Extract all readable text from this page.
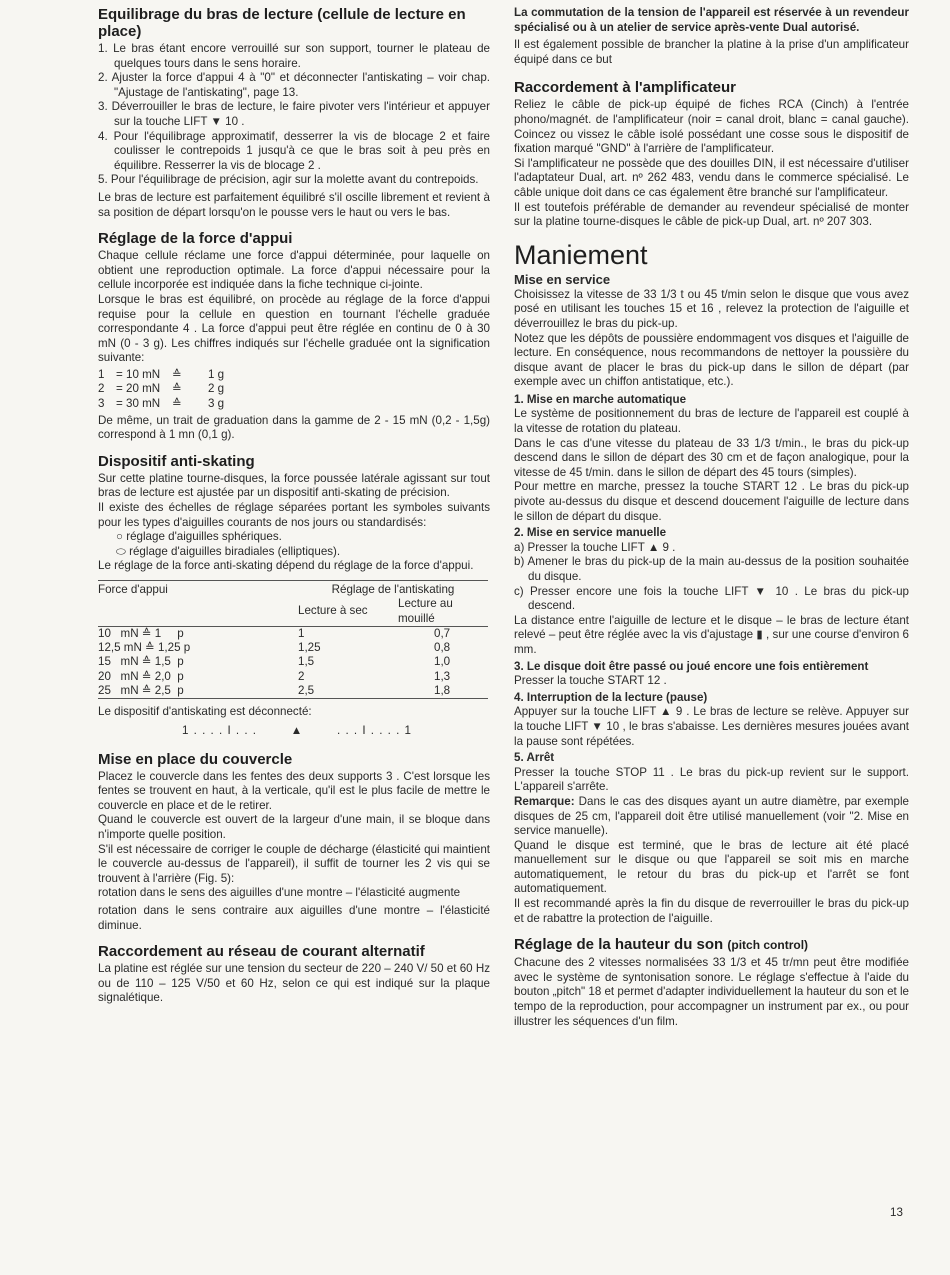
Equilibrage du bras de lecture (cellule de lecture en place)
1. Le bras étant encore verrouillé sur son support, tourner le plateau de quelques tours dans le sens horaire.
2. Ajuster la force d'appui 4 à "0" et déconnecter l'antiskating – voir chap. "Ajustage de l'antiskating", page 13.
3. Déverrouiller le bras de lecture, le faire pivoter vers l'intérieur et appuyer sur la touche LIFT ▼ 10 .
4. Pour l'équilibrage approximatif, desserrer la vis de blocage 2 et faire coulisser le contrepoids 1 jusqu'à ce que le bras soit à peu près en équilibre. Resserrer la vis de blocage 2 .
5. Pour l'équilibrage de précision, agir sur la molette avant du contrepoids.

Le bras de lecture est parfaitement équilibré s'il oscille librement et revient à sa position de départ lorsqu'on le pousse vers le haut ou vers le bas.

Réglage de la force d'appui

Chaque cellule réclame une force d'appui déterminée, pour laquelle on obtient une reproduction optimale. La force d'appui nécessaire pour la cellule incorporée est indiquée dans la fiche technique ci-jointe.

Lorsque le bras est équilibré, on procède au réglage de la force d'appui requise pour la cellule en question en tournant l'échelle graduée correspondante 4 . La force d'appui peut être réglée en continu de 0 à 30 mN (0 - 3 g). Les chiffres indiqués sur l'échelle graduée ont la signification suivante:

1 = 10 mN	≙	1 g
2 = 20 mN	≙	2 g
3 = 30 mN	≙	3 g

De même, un trait de graduation dans la gamme de 2 - 15 mN (0,2 - 1,5g) correspond à 1 mn (0,1 g).

Dispositif anti-skating

Sur cette platine tourne-disques, la force poussée latérale agissant sur tout bras de lecture est ajustée par un dispositif anti-skating de précision.

Il existe des échelles de réglage séparées portant les symboles suivants pour les types d'aiguilles courants de nos jours ou standardisés:

○ réglage d'aiguilles sphériques.
⬭ réglage d'aiguilles biradiales (elliptiques).

Le réglage de la force anti-skating dépend du réglage de la force d'appui.

Force d'appui	Réglage de l'antiskating	
	Lecture à sec	Lecture au mouillé
10   mN ≙ 1     p	1	0,7
12,5 mN ≙ 1,25 p	1,25	0,8
15   mN ≙ 1,5  p	1,5	1,0
20   mN ≙ 2,0  p	2	1,3
25   mN ≙ 2,5  p	2,5	1,8

Le dispositif d'antiskating est déconnecté:

1 . . . . I . . .        ▲        . . . I . . . . 1
Mise en place du couvercle

Placez le couvercle dans les fentes des deux supports 3 . C'est lorsque les fentes se trouvent en haut, à la verticale, qu'il est le plus facile de mettre le couvercle en place et de le retirer.

Quand le couvercle est ouvert de la largeur d'une main, il se bloque dans n'importe quelle position.

S'il est nécessaire de corriger le couple de décharge (élasticité qui maintient le couvercle au-dessus de l'appareil), il suffit de tourner les 2 vis qui se trouvent à l'arrière (Fig. 5):

rotation dans le sens des aiguilles d'une montre – l'élasticité augmente

rotation dans le sens contraire aux aiguilles d'une montre – l'élasticité diminue.

Raccordement au réseau de courant alternatif

La platine est réglée sur une tension du secteur de 220 – 240 V/ 50 et 60 Hz ou de 110 – 125 V/50 et 60 Hz, selon ce qui est indiqué sur la plaque signalétique.

La commutation de la tension de l'appareil est réservée à un revendeur spécialisé ou à un atelier de service après-vente Dual autorisé.

Il est également possible de brancher la platine à la prise d'un amplificateur équipé dans ce but

Raccordement à l'amplificateur

Reliez le câble de pick-up équipé de fiches RCA (Cinch) à l'entrée phono/magnét. de l'amplificateur (noir = canal droit, blanc = canal gauche). Coincez ou vissez le câble isolé possédant une cosse sous le dispositif de fixation marqué "GND" à l'arrière de l'amplificateur.

Si l'amplificateur ne possède que des douilles DIN, il est nécessaire d'utiliser l'adaptateur Dual, art. nº 262 483, vendu dans le commerce spécialisé. Le câble unique doit dans ce cas également être branché sur l'amplificateur.

Il est toutefois préférable de demander au revendeur spécialisé de monter sur la platine tourne-disques le câble de pick-up Dual, art. nº 207 303.

Maniement
Mise en service

Choisissez la vitesse de 33 1/3 t ou 45 t/min selon le disque que vous avez posé en utilisant les touches 15 et 16 , relevez la protection de l'aiguille et déverrouillez le bras du pick-up.

Notez que les dépôts de poussière endommagent vos disques et l'aiguille de lecture. En conséquence, nous recommandons de nettoyer la poussière du disque avant de placer le bras du pick-up dans le sillon de départ (par exemple avec un chiffon antistatique, etc.).

1. Mise en marche automatique

Le système de positionnement du bras de lecture de l'appareil est couplé à la vitesse de rotation du plateau.

Dans le cas d'une vitesse du plateau de 33 1/3 t/min., le bras du pick-up descend dans le sillon de départ des 30 cm et de façon analogique, pour la vitesse de 45 t/min. dans le sillon de départ des 45 tours (simples).

Pour mettre en marche, pressez la touche START 12 . Le bras du pick-up pivote au-dessus du disque et descend doucement l'aiguille de lecture dans le sillon de départ du disque.

2. Mise en service manuelle

a) Presser la touche LIFT ▲ 9 .

b) Amener le bras du pick-up de la main au-dessus de la position souhaitée du disque.

c) Presser encore une fois la touche LIFT ▼ 10 . Le bras du pick-up descend.

La distance entre l'aiguille de lecture et le disque – le bras de lecture étant relevé – peut être réglée avec la vis d'ajustage ▮ , sur une course d'environ 6 mm.

3. Le disque doit être passé ou joué encore une fois entièrement

Presser la touche START 12 .

4. Interruption de la lecture (pause)

Appuyer sur la touche LIFT ▲ 9 . Le bras de lecture se relève. Appuyer sur la touche LIFT ▼ 10 , le bras s'abaisse. Les dernières mesures jouées avant la pause sont répétées.

5. Arrêt

Presser la touche STOP 11 . Le bras du pick-up revient sur le support. L'appareil s'arrête.

Remarque: Dans le cas des disques ayant un autre diamètre, par exemple disques de 25 cm, l'appareil doit être utilisé manuellement (voir "2. Mise en service manuelle).

Quand le disque est terminé, que le bras de lecture ait été placé manuellement sur le disque ou que l'appareil se soit mis en marche automatiquement, le retour du bras du pick-up et l'arrêt se font automatiquement.

Il est recommandé après la fin du disque de reverrouiller le bras du pick-up et de rabattre la protection de l'aiguille.

Réglage de la hauteur du son (pitch control)

Chacune des 2 vitesses normalisées 33 1/3 et 45 tr/mn peut être modifiée avec le système de syntonisation sonore. Le réglage s'effectue à l'aide du bouton „pitch" 18 et permet d'adapter individuellement la hauteur du son et le tempo de la reproduction, pour accompagner un instrument par ex., ou pour illustrer les séquences d'un film.

13
